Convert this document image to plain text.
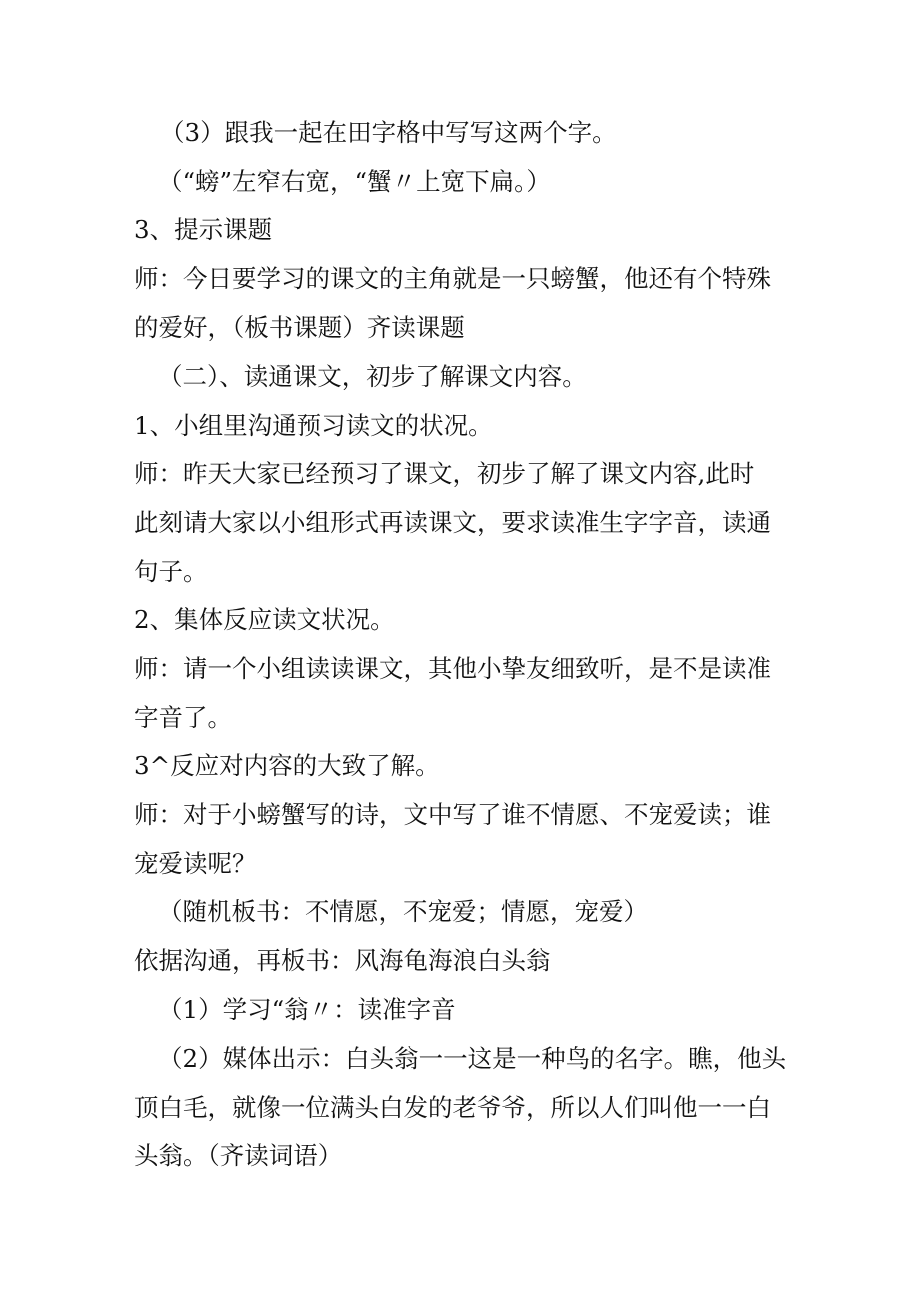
（3）跟我一起在田字格中写写这两个字。
（“螃”左窄右宽，“蟹〃上宽下扁。）
3、提示课题
师：今日要学习的课文的主角就是一只螃蟹，他还有个特殊
的爱好，（板书课题）齐读课题
（二）、读通课文，初步了解课文内容。
1、小组里沟通预习读文的状况。
师：昨天大家已经预习了课文，初步了解了课文内容,此时
此刻请大家以小组形式再读课文，要求读准生字字音，读通
句子。
2、集体反应读文状况。
师：请一个小组读读课文，其他小挚友细致听，是不是读准
字音了。
3^反应对内容的大致了解。
师：对于小螃蟹写的诗，文中写了谁不情愿、不宠爱读；谁
宠爱读呢？
（随机板书：不情愿，不宠爱；情愿，宠爱）
依据沟通，再板书：风海龟海浪白头翁
（1）学习“翁〃：读准字音
（2）媒体出示：白头翁一一这是一种鸟的名字。瞧，他头
顶白毛，就像一位满头白发的老爷爷，所以人们叫他一一白
头翁。（齐读词语）
